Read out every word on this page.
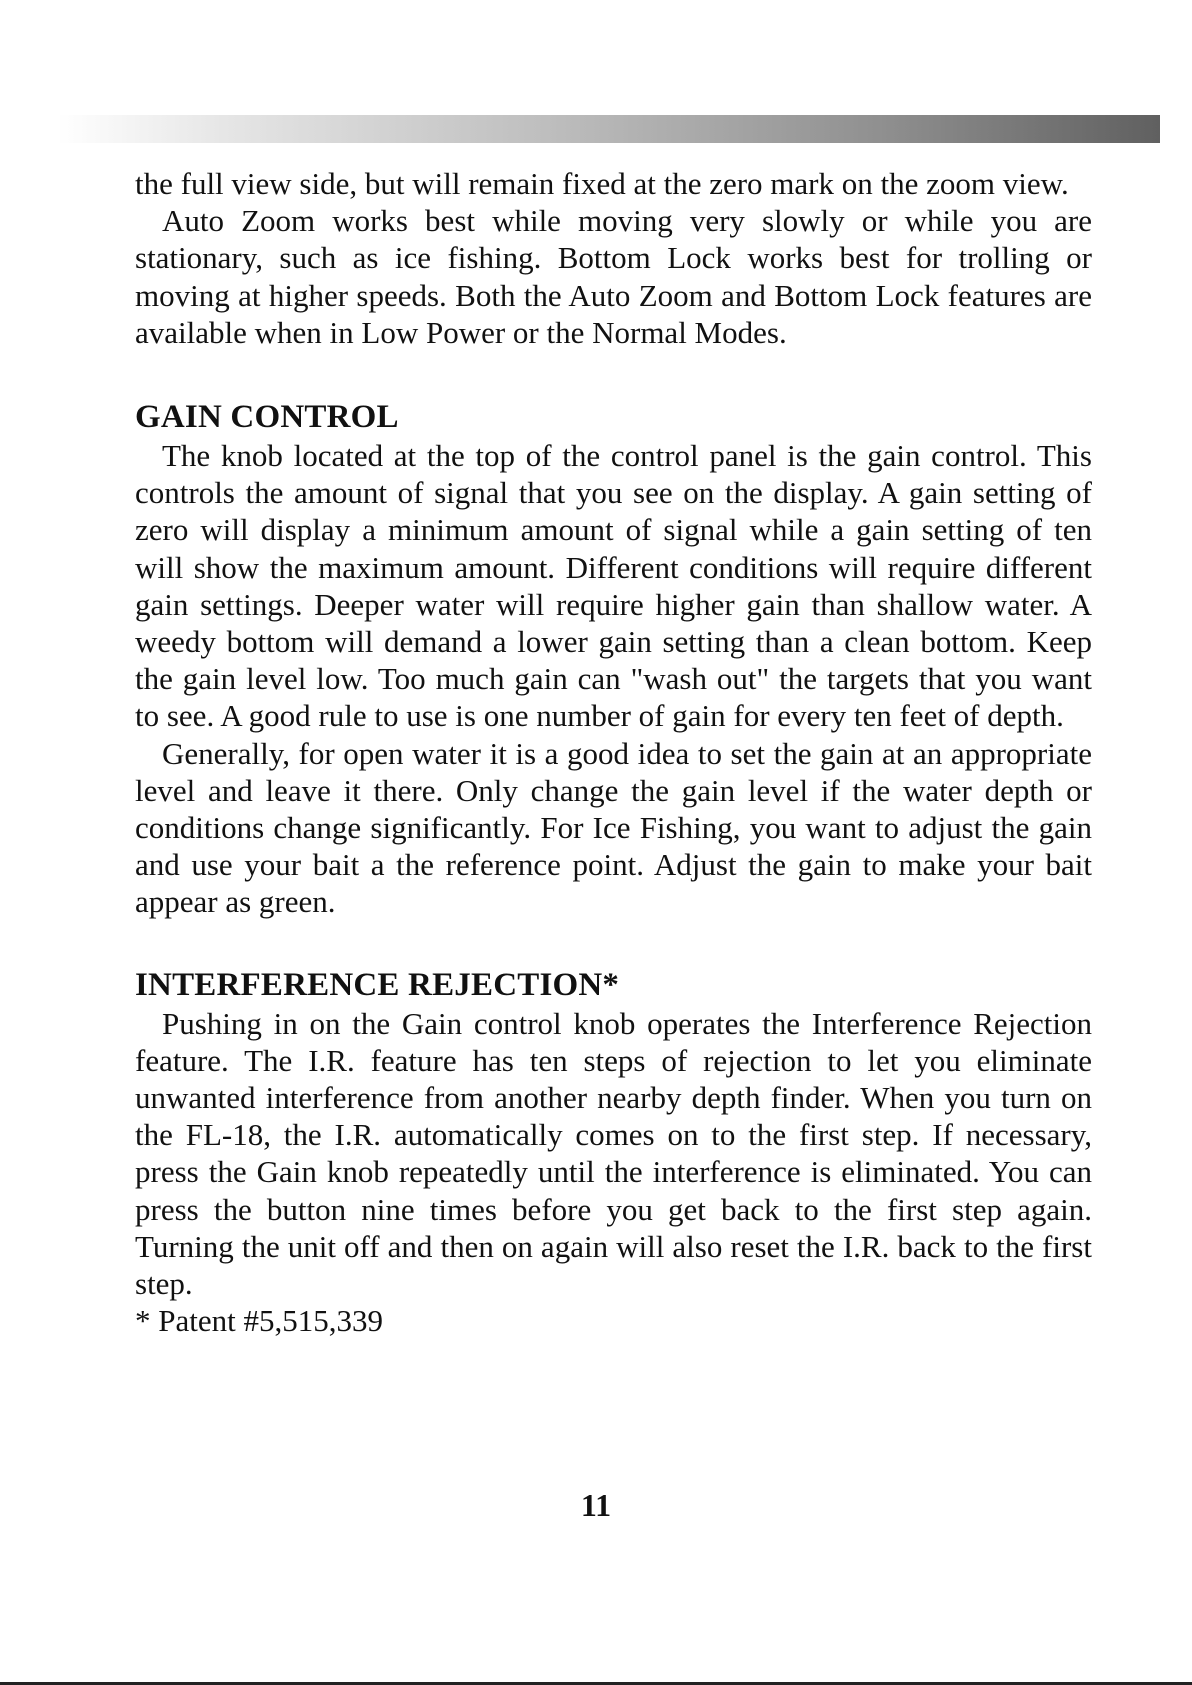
the full view side, but will remain fixed at the zero mark on the zoom view.

Auto Zoom works best while moving very slowly or while you are stationary, such as ice fishing. Bottom Lock works best for trolling or moving at higher speeds. Both the Auto Zoom and Bottom Lock features are available when in Low Power or the Normal Modes.

GAIN CONTROL

The knob located at the top of the control panel is the gain control. This controls the amount of signal that you see on the display. A gain setting of zero will display a minimum amount of signal while a gain setting of ten will show the maximum amount. Different conditions will require different gain settings. Deeper water will require higher gain than shallow water. A weedy bottom will demand a lower gain setting than a clean bottom. Keep the gain level low. Too much gain can "wash out" the targets that you want to see. A good rule to use is one number of gain for every ten feet of depth.

Generally, for open water it is a good idea to set the gain at an appropriate level and leave it there. Only change the gain level if the water depth or conditions change significantly. For Ice Fishing, you want to adjust the gain and use your bait a the reference point. Adjust the gain to make your bait appear as green.

INTERFERENCE REJECTION*

Pushing in on the Gain control knob operates the Interference Rejection feature. The I.R. feature has ten steps of rejection to let you eliminate unwanted interference from another nearby depth finder. When you turn on the FL-18, the I.R. automatically comes on to the first step. If necessary, press the Gain knob repeatedly until the interference is eliminated. You can press the button nine times before you get back to the first step again. Turning the unit off and then on again will also reset the I.R. back to the first step.

* Patent #5,515,339

11
